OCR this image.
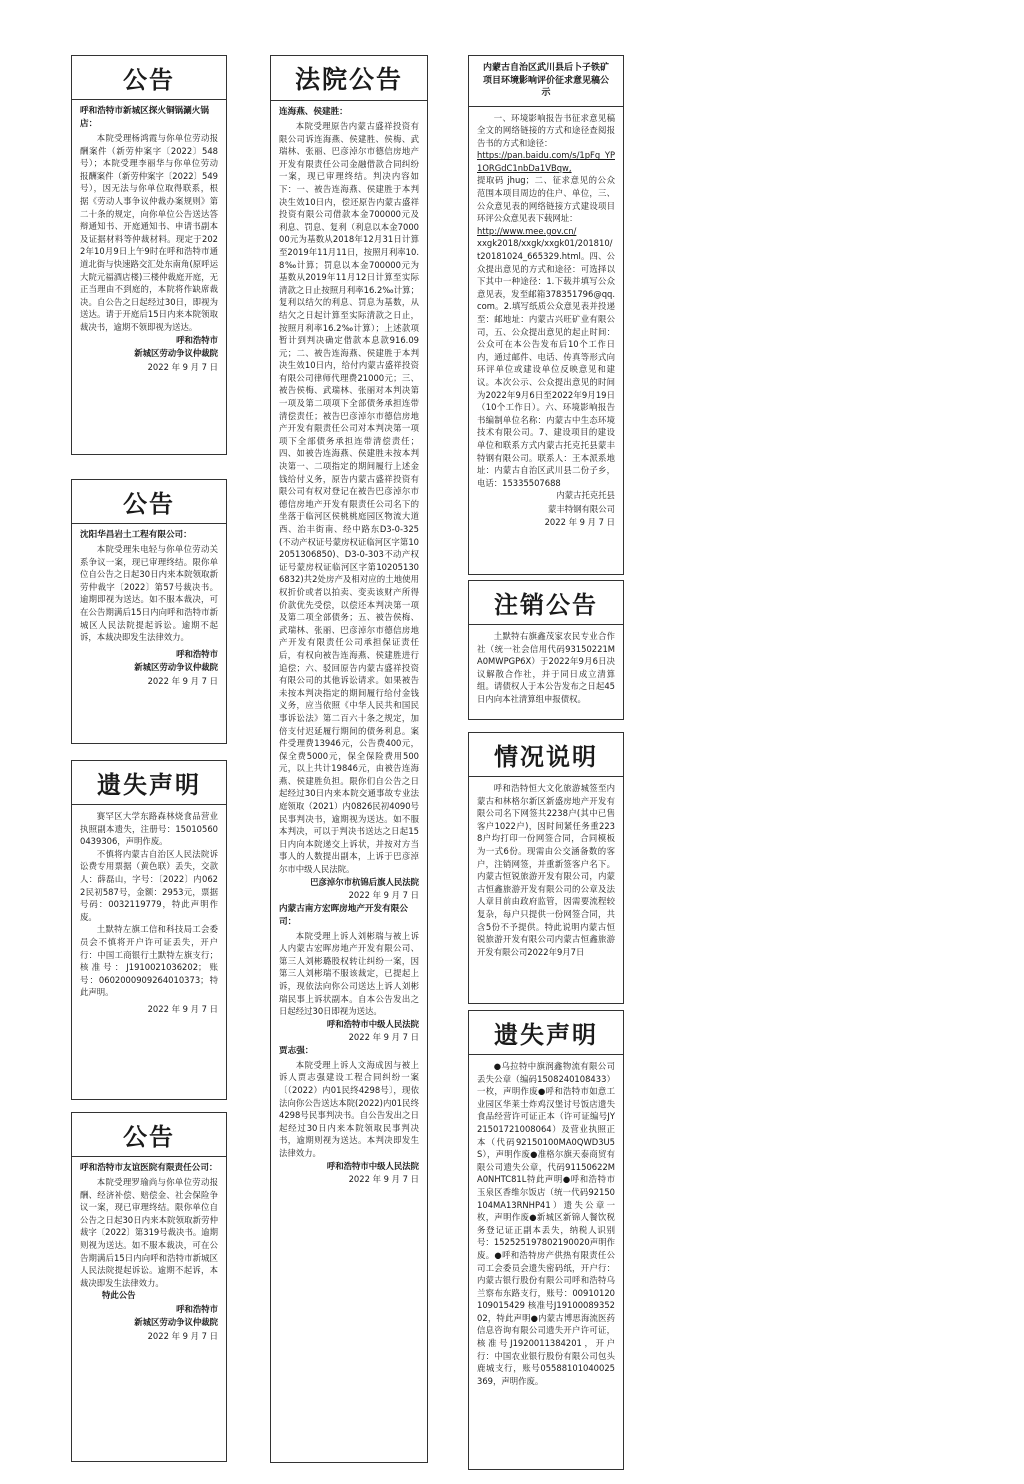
公告
呼和浩特市新城区探火铜锅涮火锅店：
本院受理杨鸿霞与你单位劳动报酬案件（新劳仲案字〔2022〕548号）；本院受理李丽华与你单位劳动报酬案件（新劳仲案字〔2022〕549号），因无法与你单位取得联系，根据《劳动人事争议仲裁办案规则》第二十条的规定，向你单位公告送达答辩通知书、开庭通知书、申请书副本及证据材料等仲裁材料。现定于2022年10月9日上午9时在呼和浩特市通道北街与快速路交汇处东南角(原呼运大院元福酒店楼)三楼仲裁庭开庭，无正当理由不到庭的，本院将作缺席裁决。自公告之日起经过30日，即视为送达。请于开庭后15日内来本院领取裁决书，逾期不领即视为送达。
呼和浩特市
新城区劳动争议仲裁院
2022 年 9 月 7 日
公告
沈阳华昌岩土工程有限公司：
本院受理朱电轻与你单位劳动关系争议一案，现已审理终结。限你单位自公告之日起30日内来本院领取新劳仲裁字〔2022〕第57号裁决书。逾期即视为送达。如不服本裁决，可在公告期满后15日内向呼和浩特市新城区人民法院提起诉讼。逾期不起诉，本裁决即发生法律效力。
呼和浩特市
新城区劳动争议仲裁院
2022 年 9 月 7 日
遗失声明
赛罕区大学东路森林烧食品营业执照副本遗失，注册号：150105600439306，声明作废。
不慎将内蒙古自治区人民法院诉讼费专用票据（黄色联）丢失，交款人：薛磊山，字号：〔2022〕内0622民初587号，金额：2953元，票据号码：0032119779，特此声明作废。
土默特左旗工信和科技局工会委员会不慎将开户许可证丢失，开户行：中国工商银行土默特左旗支行；核准号：J1910021036202；账号：0602000909264010373；特此声明。
2022 年 9 月 7 日
公告
呼和浩特市友谊医院有限责任公司：
本院受理罗瑜尚与你单位劳动报酬、经济补偿、赔偿金、社会保险争议一案，现已审理终结。限你单位自公告之日起30日内来本院领取新劳仲裁字〔2022〕第319号裁决书。逾期则视为送达。如不服本裁决，可在公告期满后15日内向呼和浩特市新城区人民法院提起诉讼。逾期不起诉，本裁决即发生法律效力。
特此公告
呼和浩特市
新城区劳动争议仲裁院
2022 年 9 月 7 日
法院公告
连海燕、侯建胜：
本院受理原告内蒙古盛祥投资有限公司诉连海燕、侯建胜、侯梅、武瑞林、张丽、巴彦淖尔市德信房地产开发有限责任公司金融借款合同纠纷一案，现已审理终结。判决内容如下：一、被告连海燕、侯建胜于本判决生效10日内，偿还原告内蒙古盛祥投资有限公司借款本金700000元及利息、罚息、复利（利息以本金700000元为基数从2018年12月31日计算至2019年11月11日，按照月利率10.8‰计算；罚息以本金700000元为基数从2019年11月12日计算至实际清款之日止按照月利率16.2‰计算；复利以结欠的利息、罚息为基数，从结欠之日起计算至实际清款之日止，按照月利率16.2‰计算）；上述款项暂计到判决确定借款本息款916.09元；二、被告连海燕、侯建胜于本判决生效10日内，给付内蒙古盛祥投资有限公司律师代理费21000元；三、被告侯梅、武瑞林、张丽对本判决第一项及第二项项下全部债务承担连带清偿责任；被告巴彦淖尔市德信房地产开发有限责任公司对本判决第一项项下全部债务承担连带清偿责任；四、如被告连海燕、侯建胜未按本判决第一、二项指定的期间履行上述金钱给付义务，原告内蒙古盛祥投资有限公司有权对登记在被告巴彦淖尔市德信房地产开发有限责任公司名下的坐落于临河区侯桃桃庭园区物流大道西、治丰街南、经中路东D3-0-325(不动产权证号蒙房权证临河区字第102051306850)、D3-0-303不动产权证号蒙房权证临河区字第102051306832)共2处房产及相对应的土地使用权折价或者以拍卖、变卖该财产所得价款优先受偿，以偿还本判决第一项及第二项全部债务；五、被告侯梅、武瑞林、张丽、巴彦淖尔市德信房地产开发有限责任公司承担保证责任后，有权向被告连海燕、侯建胜进行追偿；六、驳回原告内蒙古盛祥投资有限公司的其他诉讼请求。如果被告未按本判决指定的期间履行给付金钱义务，应当依照《中华人民共和国民事诉讼法》第二百六十条之规定，加倍支付迟延履行期间的债务利息。案件受理费13946元，公告费400元，保全费5000元，保全保险费用500元，以上共计19846元，由被告连海燕、侯建胜负担。限你们自公告之日起经过30日内来本院交通事故专业法庭领取（2021）内0826民初4090号民事判决书，逾期视为送达。如不服本判决，可以于判决书送达之日起15日内向本院递交上诉状，并按对方当事人的人数提出副本，上诉于巴彦淖尔市中级人民法院。
巴彦淖尔市杭锦后旗人民法院
2022 年 9 月 7 日
内蒙古南方宏晖房地产开发有限公司：
本院受理上诉人刘彬瑞与被上诉人内蒙古宏晖房地产开发有限公司、第三人刘彬璐股权转让纠纷一案，因第三人刘彬瑞不服该裁定，已提起上诉，现依法向你公司送达上诉人刘彬瑞民事上诉状副本。自本公告发出之日起经过30日即视为送达。
呼和浩特市中级人民法院
2022 年 9 月 7 日
贾志强：
本院受理上诉人文海成因与被上诉人贾志强建设工程合同纠纷一案〔（2022）内01民终4298号〕，现依法向你公告送达本院(2022)内01民终4298号民事判决书。自公告发出之日起经过30日内来本院领取民事判决书，逾期则视为送达。本判决即发生法律效力。
呼和浩特市中级人民法院
2022 年 9 月 7 日
内蒙古自治区武川县后卜子铁矿项目环境影响评价征求意见稿公示
一、环境影响报告书征求意见稿全文的网络链接的方式和途径查阅报告书的方式和途径：
https://pan.baidu.com/s/1pFg YP1ORGdC1nbDa1VBqw,
提取码 jhug；二、征求意见的公众范围本项目周边的住户、单位，三、公众意见表的网络链接方式建设项目环评公众意见表下载网址：
http://www.mee.gov.cn/
xxgk2018/xxgk/xxgk01/201810/t20181024_665329.html。四、公众提出意见的方式和途径：可选择以下其中一种途径：1.下载并填写公众意见表，发至邮箱378351796@qq.com。2.填写纸质公众意见表并投递至：邮地址：内蒙古兴旺矿业有限公司，五、公众提出意见的起止时间：公众可在本公告发布后10个工作日内，通过邮件、电话、传真等形式向环评单位或建设单位反映意见和建议。本次公示、公众提出意见的时间为2022年9月6日至2022年9月19日（10个工作日）。六、环境影响报告书编制单位名称：内蒙古中生态环境技术有限公司。7、建设项目的建设单位和联系方式内蒙古托克托县蒙丰特钢有限公司。联系人：王本派系地址：内蒙古自治区武川县二份子乡，电话：15335507688
内蒙古托克托县
蒙丰特钢有限公司
2022 年 9 月 7 日
注销公告
土默特右旗鑫茂家农民专业合作社（统一社会信用代码93150221MA0MWPGP6X）于2022年9月6日决议解散合作社，并于同日成立清算组。请债权人于本公告发布之日起45日内向本社清算组申报债权。
情况说明
呼和浩特恒大文化旅游城签至内蒙古和林格尔新区新盛房地产开发有限公司名下网签共2238户(其中已售客户1022户)，因时间紧任务重2238户均打印一份网签合同，合同模板为一式6份。现需由公交涵备数的客户，注销网签，并重新签客户名下。内蒙古恒锐旅游开发有限公司，内蒙古恒鑫旅游开发有限公司的公章及法人章目前由政府监管，因需要流程较复杂，每户只提供一份网签合同，共含5份不予提供。特此说明内蒙古恒锐旅游开发有限公司内蒙古恒鑫旅游开发有限公司2022年9月7日
遗失声明
●乌拉特中旗润鑫物流有限公司丢失公章（编码1508240108433）一枚，声明作废●呼和浩特市如意工业园区华莱士炸鸡汉堡讨号饭店遗失食品经营许可证正本（许可证编号JY21501721008064）及营业执照正本（代码92150100MA0QWD3U5S），声明作废●准格尔旗天泰商贸有限公司遗失公章，代码91150622MA0NHTC81L特此声明●呼和浩特市玉泉区香维尔饭店（统一代码92150104MA13RNHP41）遗失公章一枚，声明作废●新城区新锦人餐饮税务登记证正副本丢失，纳税人识别号：152525197802190020声明作废。●呼和浩特房产供热有限责任公司工会委员会遗失密码纸，开户行：内蒙古银行股份有限公司呼和浩特乌兰察布东路支行，账号：00910120109015429 核准号J1910008935202，特此声明●内蒙古博思海流医药信息咨询有限公司遗失开户许可证，核准号J1920011384201，开户行：中国农业银行股份有限公司包头鹿城支行，账号05588101040025369，声明作废。
